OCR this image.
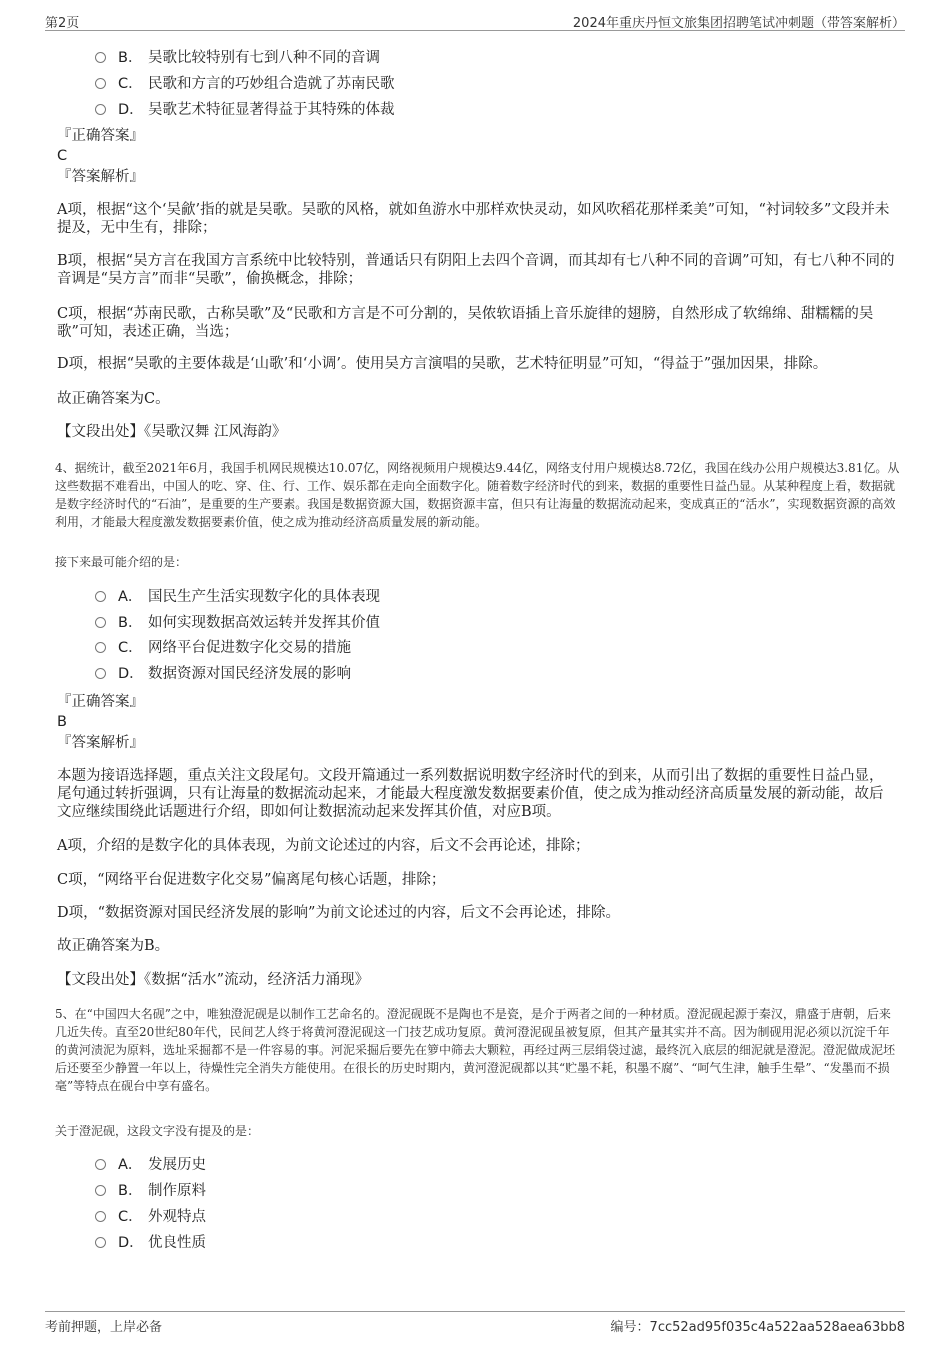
第2页	2024年重庆丹恒文旅集团招聘笔试冲刺题（带答案解析）
B． 吴歌比较特别有七到八种不同的音调
C． 民歌和方言的巧妙组合造就了苏南民歌
D． 吴歌艺术特征显著得益于其特殊的体裁
『正确答案』
C
『答案解析』
A项，根据“这个‘吴歈’指的就是吴歌。吴歌的风格，就如鱼游水中那样欢快灵动，如风吹稻花那样柔美”可知，“衬词较多”文段并未提及，无中生有，排除；
B项，根据“吴方言在我国方言系统中比较特别，普通话只有阴阳上去四个音调，而其却有七八种不同的音调”可知，有七八种不同的音调是“吴方言”而非“吴歌”，偷换概念，排除；
C项，根据“苏南民歌，古称吴歌”及“民歌和方言是不可分割的，吴侬软语插上音乐旋律的翅膀，自然形成了软绵绵、甜糯糯的吴歌”可知，表述正确，当选；
D项，根据“吴歌的主要体裁是‘山歌’和‘小调’。使用吴方言演唱的吴歌，艺术特征明显”可知，“得益于”强加因果，排除。
故正确答案为C。
【文段出处】《吴歌汉舞 江风海韵》
4、据统计，截至2021年6月，我国手机网民规模达10.07亿，网络视频用户规模达9.44亿，网络支付用户规模达8.72亿，我国在线办公用户规模达3.81亿。从这些数据不难看出，中国人的吃、穿、住、行、工作、娱乐都在走向全面数字化。随着数字经济时代的到来，数据的重要性日益凸显。从某种程度上看，数据就是数字经济时代的“石油”，是重要的生产要素。我国是数据资源大国，数据资源丰富，但只有让海量的数据流动起来，变成真正的“活水”，实现数据资源的高效利用，才能最大程度激发数据要素价值，使之成为推动经济高质量发展的新动能。
接下来最可能介绍的是：
A． 国民生产生活实现数字化的具体表现
B． 如何实现数据高效运转并发挥其价值
C． 网络平台促进数字化交易的措施
D． 数据资源对国民经济发展的影响
『正确答案』
B
『答案解析』
本题为接语选择题，重点关注文段尾句。文段开篇通过一系列数据说明数字经济时代的到来，从而引出了数据的重要性日益凸显，尾句通过转折强调，只有让海量的数据流动起来，才能最大程度激发数据要素价值，使之成为推动经济高质量发展的新动能，故后文应继续围绕此话题进行介绍，即如何让数据流动起来发挥其价值，对应B项。
A项，介绍的是数字化的具体表现，为前文论述过的内容，后文不会再论述，排除；
C项，“网络平台促进数字化交易”偏离尾句核心话题，排除；
D项，“数据资源对国民经济发展的影响”为前文论述过的内容，后文不会再论述，排除。
故正确答案为B。
【文段出处】《数据“活水”流动，经济活力涌现》
5、在“中国四大名砚”之中，唯独澄泥砚是以制作工艺命名的。澄泥砚既不是陶也不是瓷，是介于两者之间的一种材质。澄泥砚起源于秦汉，鼎盛于唐朝，后来几近失传。直至20世纪80年代，民间艺人终于将黄河澄泥砚这一门技艺成功复原。黄河澄泥砚虽被复原，但其产量其实并不高。因为制砚用泥必须以沉淀千年的黄河渍泥为原料，选址采掘都不是一件容易的事。河泥采掘后要先在箩中筛去大颗粒，再经过两三层绢袋过滤，最终沉入底层的细泥就是澄泥。澄泥做成泥坯后还要至少静置一年以上，待燥性完全消失方能使用。在很长的历史时期内，黄河澄泥砚都以其“贮墨不耗，积墨不腐”、“呵气生津，触手生晕”、“发墨而不损毫”等特点在砚台中享有盛名。
关于澄泥砚，这段文字没有提及的是：
A． 发展历史
B． 制作原料
C． 外观特点
D． 优良性质
考前押题，上岸必备	编号：7cc52ad95f035c4a522aa528aea63bb8
